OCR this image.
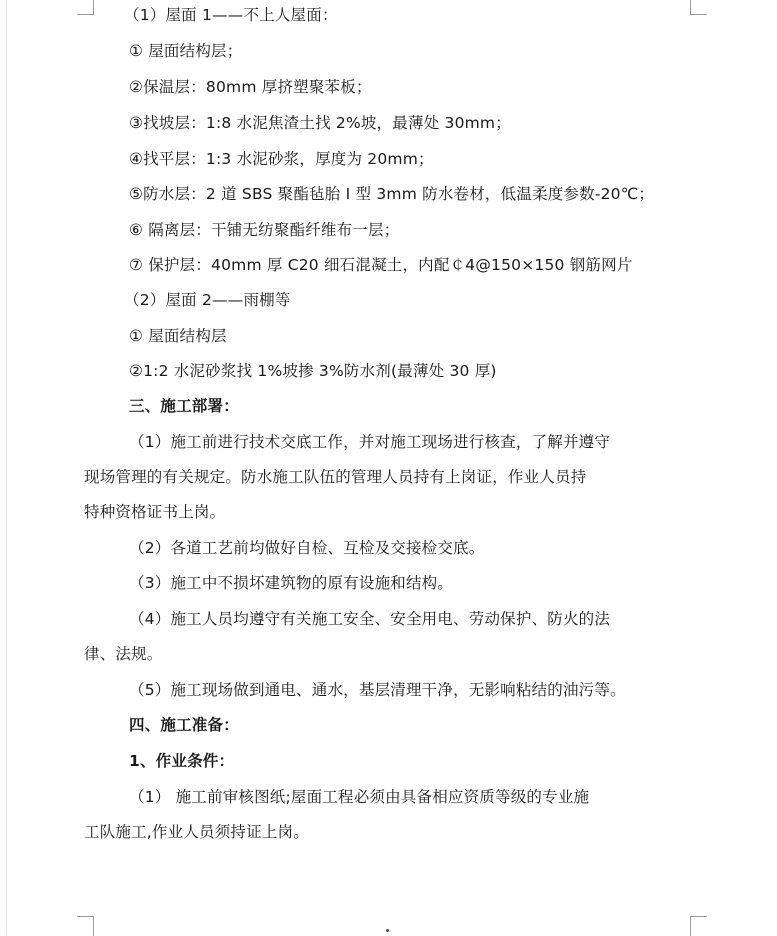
（1）屋面 1——不上人屋面：
① 屋面结构层；
②保温层：80mm 厚挤塑聚苯板；
③找坡层：1:8 水泥焦渣土找 2%坡，最薄处 30mm；
④找平层：1:3 水泥砂浆，厚度为 20mm；
⑤防水层：2 道 SBS 聚酯毡胎 I 型 3mm 防水卷材，低温柔度参数-20℃；
⑥ 隔离层：干铺无纺聚酯纤维布一层；
⑦ 保护层：40mm 厚 C20 细石混凝土，内配￠4@150×150 钢筋网片
（2）屋面 2——雨棚等
① 屋面结构层
②1:2 水泥砂浆找 1%坡掺 3%防水剂(最薄处 30 厚)
三、施工部署：
（1）施工前进行技术交底工作，并对施工现场进行核查，了解并遵守
现场管理的有关规定。防水施工队伍的管理人员持有上岗证，作业人员持
特种资格证书上岗。
（2）各道工艺前均做好自检、互检及交接检交底。
（3）施工中不损坏建筑物的原有设施和结构。
（4）施工人员均遵守有关施工安全、安全用电、劳动保护、防火的法
律、法规。
（5）施工现场做到通电、通水，基层清理干净，无影响粘结的油污等。
四、施工准备：
1、作业条件：
（1） 施工前审核图纸;屋面工程必须由具备相应资质等级的专业施
工队施工,作业人员须持证上岗。
